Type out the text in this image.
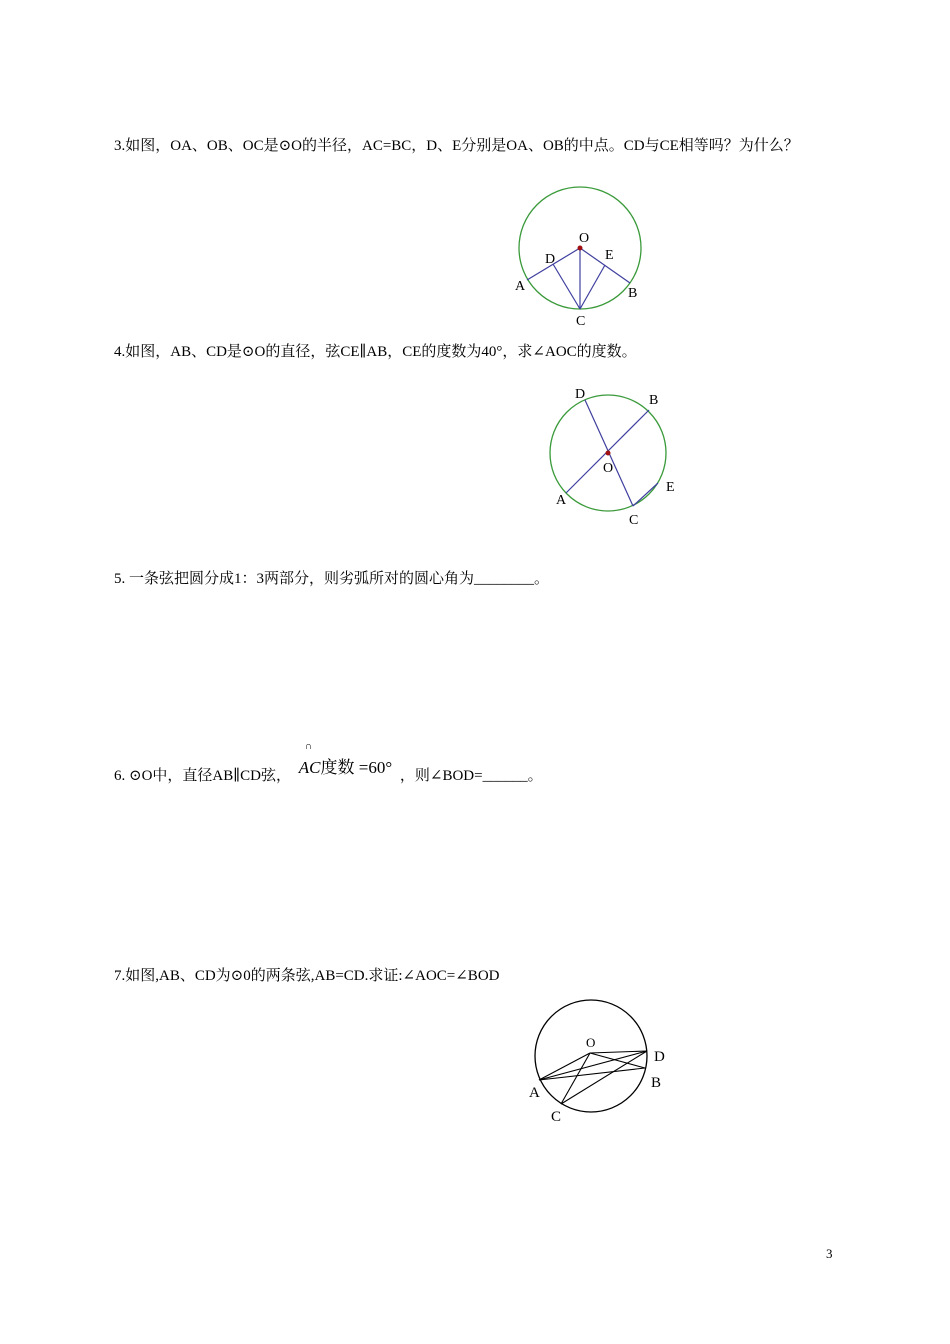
3.如图，OA、OB、OC是⊙O的半径，AC=BC，D、E分别是OA、OB的中点。CD与CE相等吗？为什么？
O
D	E
A	B
C
4.如图，AB、CD是⊙O的直径，弦CE∥AB，CE的度数为40°，求∠AOC的度数。
D	B
O
A
E
C
5. 一条弦把圆分成1：3两部分，则劣弧所对的圆心角为________。
6. ⊙O中，直径AB∥CD弦，
∩
AC度数 =60° ，则∠BOD=______。
7.如图,AB、CD为⊙0的两条弦,AB=CD.求证:∠AOC=∠BOD
O
D
A
B
C
3
